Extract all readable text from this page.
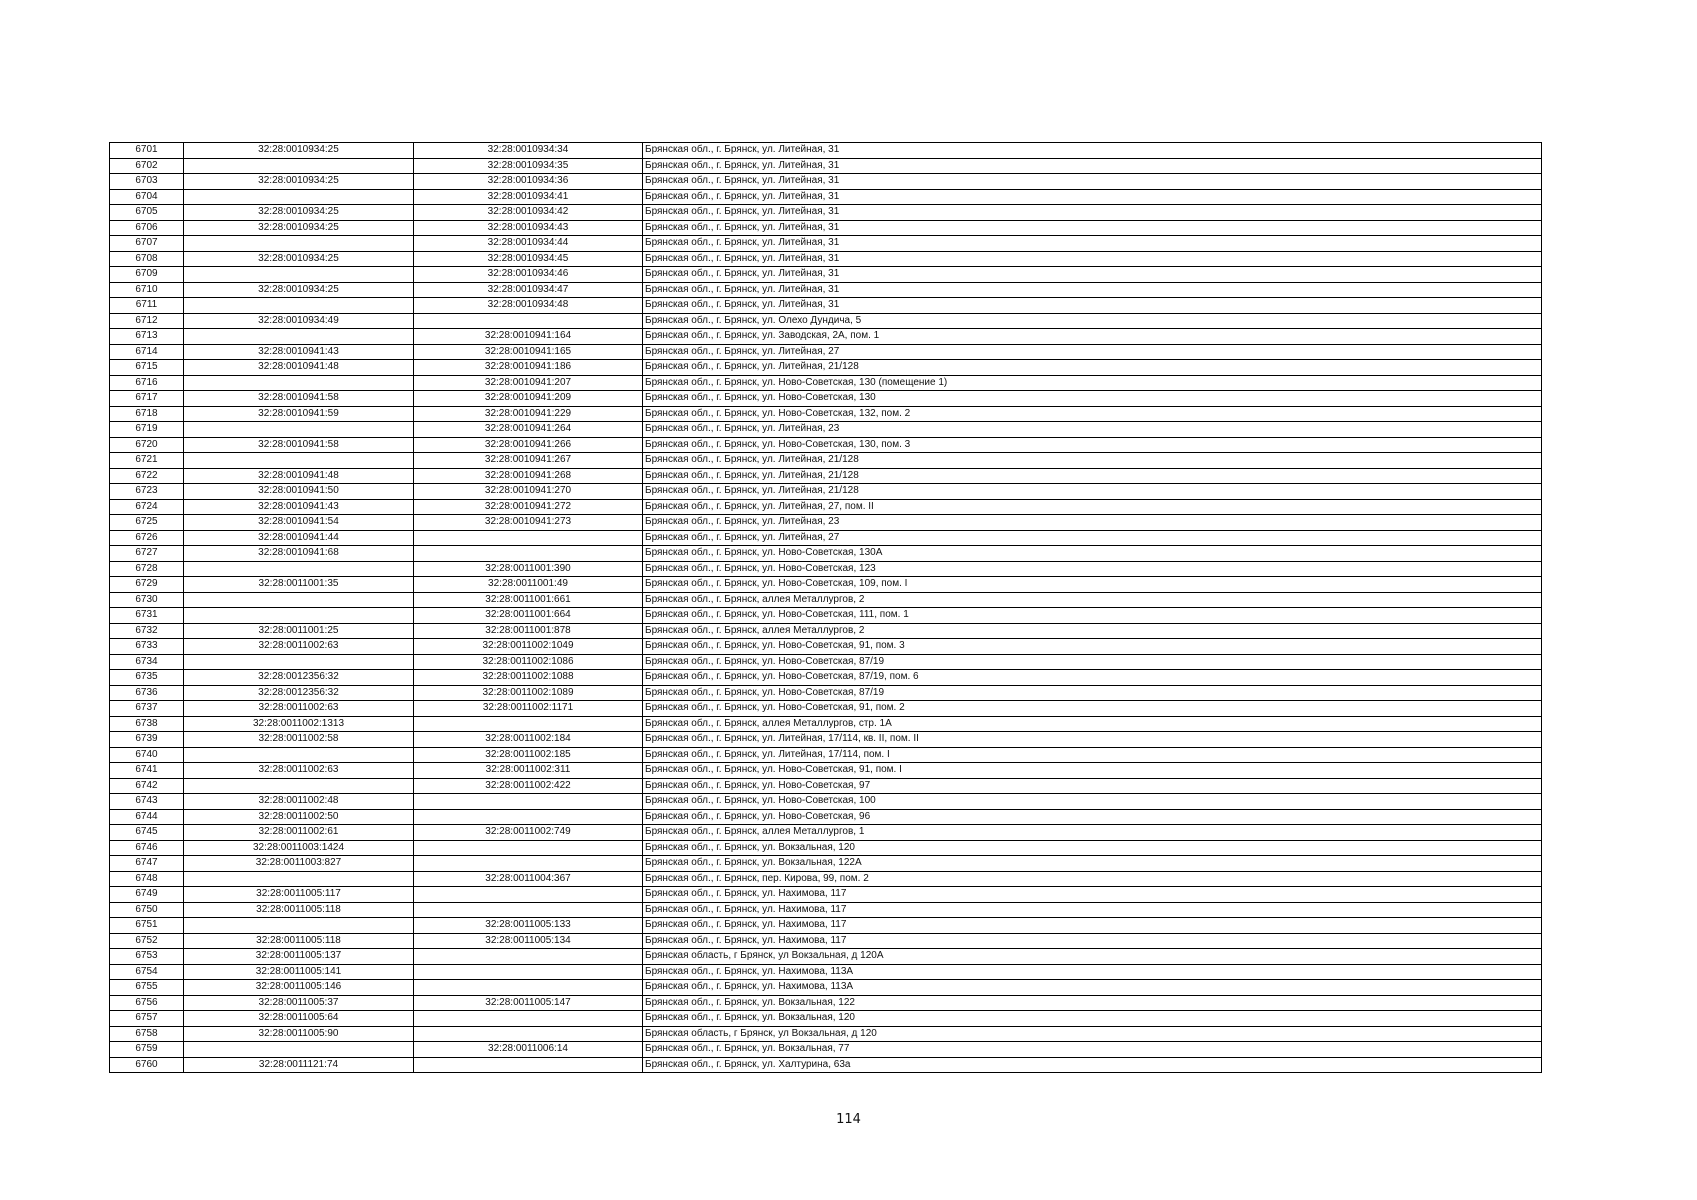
6701	32:28:0010934:25	32:28:0010934:34	Брянская обл., г. Брянск, ул. Литейная, 31
6702		32:28:0010934:35	Брянская обл., г. Брянск, ул. Литейная, 31
6703	32:28:0010934:25	32:28:0010934:36	Брянская обл., г. Брянск, ул. Литейная, 31
6704		32:28:0010934:41	Брянская обл., г. Брянск, ул. Литейная, 31
6705	32:28:0010934:25	32:28:0010934:42	Брянская обл., г. Брянск, ул. Литейная, 31
6706	32:28:0010934:25	32:28:0010934:43	Брянская обл., г. Брянск, ул. Литейная, 31
6707		32:28:0010934:44	Брянская обл., г. Брянск, ул. Литейная, 31
6708	32:28:0010934:25	32:28:0010934:45	Брянская обл., г. Брянск, ул. Литейная, 31
6709		32:28:0010934:46	Брянская обл., г. Брянск, ул. Литейная, 31
6710	32:28:0010934:25	32:28:0010934:47	Брянская обл., г. Брянск, ул. Литейная, 31
6711		32:28:0010934:48	Брянская обл., г. Брянск, ул. Литейная, 31
6712	32:28:0010934:49		Брянская обл., г. Брянск, ул. Олехо Дундича, 5
6713		32:28:0010941:164	Брянская обл., г. Брянск, ул. Заводская, 2А, пом. 1
6714	32:28:0010941:43	32:28:0010941:165	Брянская обл., г. Брянск, ул. Литейная, 27
6715	32:28:0010941:48	32:28:0010941:186	Брянская обл., г. Брянск, ул. Литейная, 21/128
6716		32:28:0010941:207	Брянская обл., г. Брянск, ул. Ново-Советская, 130 (помещение 1)
6717	32:28:0010941:58	32:28:0010941:209	Брянская обл., г. Брянск, ул. Ново-Советская, 130
6718	32:28:0010941:59	32:28:0010941:229	Брянская обл., г. Брянск, ул. Ново-Советская, 132, пом. 2
6719		32:28:0010941:264	Брянская обл., г. Брянск, ул. Литейная, 23
6720	32:28:0010941:58	32:28:0010941:266	Брянская обл., г. Брянск, ул. Ново-Советская, 130, пом. 3
6721		32:28:0010941:267	Брянская обл., г. Брянск, ул. Литейная, 21/128
6722	32:28:0010941:48	32:28:0010941:268	Брянская обл., г. Брянск, ул. Литейная, 21/128
6723	32:28:0010941:50	32:28:0010941:270	Брянская обл., г. Брянск, ул. Литейная, 21/128
6724	32:28:0010941:43	32:28:0010941:272	Брянская обл., г. Брянск, ул. Литейная, 27, пом. II
6725	32:28:0010941:54	32:28:0010941:273	Брянская обл., г. Брянск, ул. Литейная, 23
6726	32:28:0010941:44		Брянская обл., г. Брянск, ул. Литейная, 27
6727	32:28:0010941:68		Брянская обл., г. Брянск, ул. Ново-Советская, 130А
6728		32:28:0011001:390	Брянская обл., г. Брянск, ул. Ново-Советская, 123
6729	32:28:0011001:35	32:28:0011001:49	Брянская обл., г. Брянск, ул. Ново-Советская, 109, пом. I
6730		32:28:0011001:661	Брянская обл., г. Брянск, аллея Металлургов, 2
6731		32:28:0011001:664	Брянская обл., г. Брянск, ул. Ново-Советская, 111, пом. 1
6732	32:28:0011001:25	32:28:0011001:878	Брянская обл., г. Брянск, аллея Металлургов, 2
6733	32:28:0011002:63	32:28:0011002:1049	Брянская обл., г. Брянск, ул. Ново-Советская, 91, пом. 3
6734		32:28:0011002:1086	Брянская обл., г. Брянск, ул. Ново-Советская, 87/19
6735	32:28:0012356:32	32:28:0011002:1088	Брянская обл., г. Брянск, ул. Ново-Советская, 87/19, пом. 6
6736	32:28:0012356:32	32:28:0011002:1089	Брянская обл., г. Брянск, ул. Ново-Советская, 87/19
6737	32:28:0011002:63	32:28:0011002:1171	Брянская обл., г. Брянск, ул. Ново-Советская, 91, пом. 2
6738	32:28:0011002:1313		Брянская обл., г. Брянск, аллея Металлургов, стр. 1А
6739	32:28:0011002:58	32:28:0011002:184	Брянская обл., г. Брянск, ул. Литейная, 17/114, кв. II, пом. II
6740		32:28:0011002:185	Брянская обл., г. Брянск, ул. Литейная, 17/114, пом. I
6741	32:28:0011002:63	32:28:0011002:311	Брянская обл., г. Брянск, ул. Ново-Советская, 91, пом. I
6742		32:28:0011002:422	Брянская обл., г. Брянск, ул. Ново-Советская, 97
6743	32:28:0011002:48		Брянская обл., г. Брянск, ул. Ново-Советская, 100
6744	32:28:0011002:50		Брянская обл., г. Брянск, ул. Ново-Советская, 96
6745	32:28:0011002:61	32:28:0011002:749	Брянская обл., г. Брянск, аллея Металлургов, 1
6746	32:28:0011003:1424		Брянская обл., г. Брянск, ул. Вокзальная, 120
6747	32:28:0011003:827		Брянская обл., г. Брянск, ул. Вокзальная, 122А
6748		32:28:0011004:367	Брянская обл., г. Брянск, пер. Кирова, 99, пом. 2
6749	32:28:0011005:117		Брянская обл., г. Брянск, ул. Нахимова, 117
6750	32:28:0011005:118		Брянская обл., г. Брянск, ул. Нахимова, 117
6751		32:28:0011005:133	Брянская обл., г. Брянск, ул. Нахимова, 117
6752	32:28:0011005:118	32:28:0011005:134	Брянская обл., г. Брянск, ул. Нахимова, 117
6753	32:28:0011005:137		Брянская область, г Брянск, ул Вокзальная, д 120А
6754	32:28:0011005:141		Брянская обл., г. Брянск, ул. Нахимова, 113А
6755	32:28:0011005:146		Брянская обл., г. Брянск, ул. Нахимова, 113А
6756	32:28:0011005:37	32:28:0011005:147	Брянская обл., г. Брянск, ул. Вокзальная, 122
6757	32:28:0011005:64		Брянская обл., г. Брянск, ул. Вокзальная, 120
6758	32:28:0011005:90		Брянская область, г Брянск, ул Вокзальная, д 120
6759		32:28:0011006:14	Брянская обл., г. Брянск, ул. Вокзальная, 77
6760	32:28:0011121:74		Брянская обл., г. Брянск, ул. Халтурина, 63а
114
